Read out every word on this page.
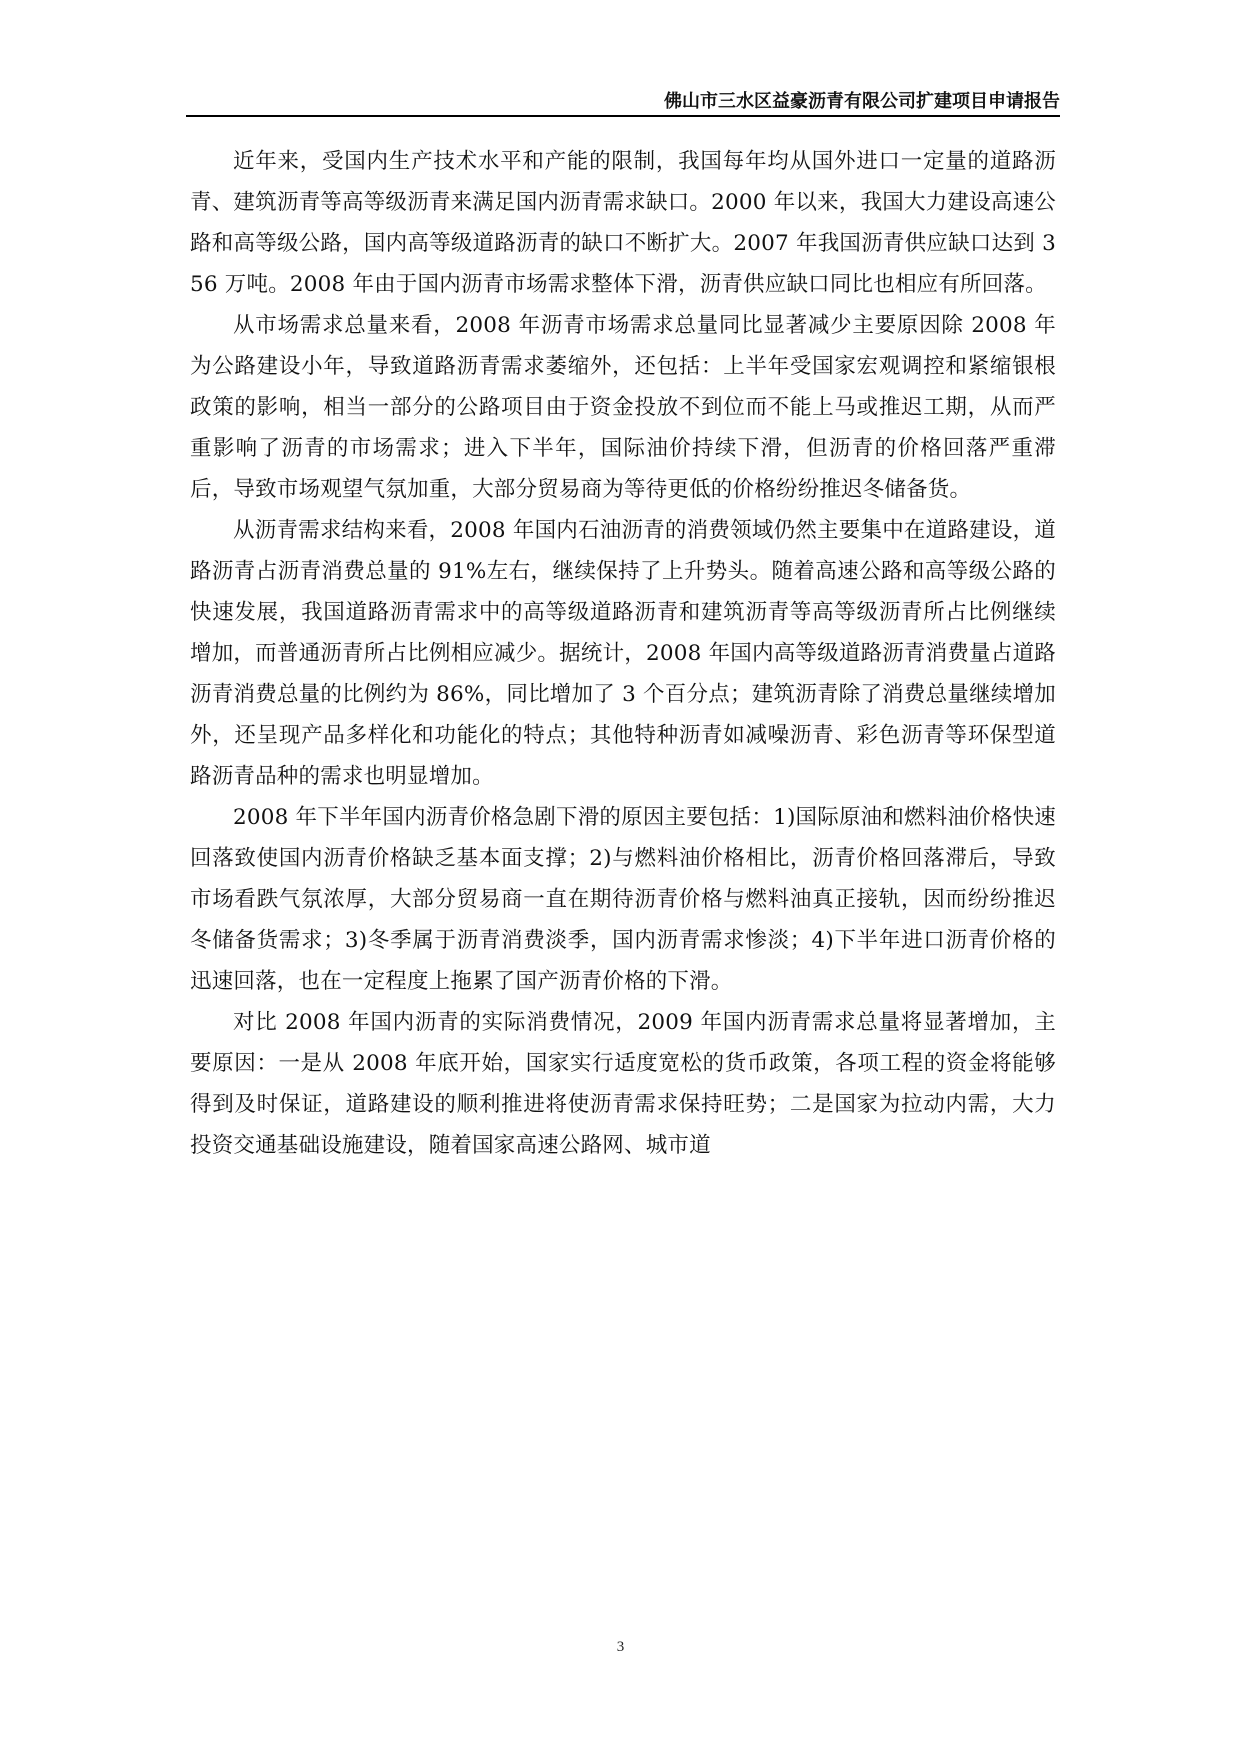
佛山市三水区益豪沥青有限公司扩建项目申请报告

近年来，受国内生产技术水平和产能的限制，我国每年均从国外进口一定量的道路沥青、建筑沥青等高等级沥青来满足国内沥青需求缺口。2000 年以来，我国大力建设高速公路和高等级公路，国内高等级道路沥青的缺口不断扩大。2007 年我国沥青供应缺口达到 356 万吨。2008 年由于国内沥青市场需求整体下滑，沥青供应缺口同比也相应有所回落。

从市场需求总量来看，2008 年沥青市场需求总量同比显著减少主要原因除 2008 年为公路建设小年，导致道路沥青需求萎缩外，还包括：上半年受国家宏观调控和紧缩银根政策的影响，相当一部分的公路项目由于资金投放不到位而不能上马或推迟工期，从而严重影响了沥青的市场需求；进入下半年，国际油价持续下滑，但沥青的价格回落严重滞后，导致市场观望气氛加重，大部分贸易商为等待更低的价格纷纷推迟冬储备货。

从沥青需求结构来看，2008 年国内石油沥青的消费领域仍然主要集中在道路建设，道路沥青占沥青消费总量的 91%左右，继续保持了上升势头。随着高速公路和高等级公路的快速发展，我国道路沥青需求中的高等级道路沥青和建筑沥青等高等级沥青所占比例继续增加，而普通沥青所占比例相应减少。据统计，2008 年国内高等级道路沥青消费量占道路沥青消费总量的比例约为 86%，同比增加了 3 个百分点；建筑沥青除了消费总量继续增加外，还呈现产品多样化和功能化的特点；其他特种沥青如减噪沥青、彩色沥青等环保型道路沥青品种的需求也明显增加。

2008 年下半年国内沥青价格急剧下滑的原因主要包括：1)国际原油和燃料油价格快速回落致使国内沥青价格缺乏基本面支撑；2)与燃料油价格相比，沥青价格回落滞后，导致市场看跌气氛浓厚，大部分贸易商一直在期待沥青价格与燃料油真正接轨，因而纷纷推迟冬储备货需求；3)冬季属于沥青消费淡季，国内沥青需求惨淡；4)下半年进口沥青价格的迅速回落，也在一定程度上拖累了国产沥青价格的下滑。

对比 2008 年国内沥青的实际消费情况，2009 年国内沥青需求总量将显著增加，主要原因：一是从 2008 年底开始，国家实行适度宽松的货币政策，各项工程的资金将能够得到及时保证，道路建设的顺利推进将使沥青需求保持旺势；二是国家为拉动内需，大力投资交通基础设施建设，随着国家高速公路网、城市道

3
